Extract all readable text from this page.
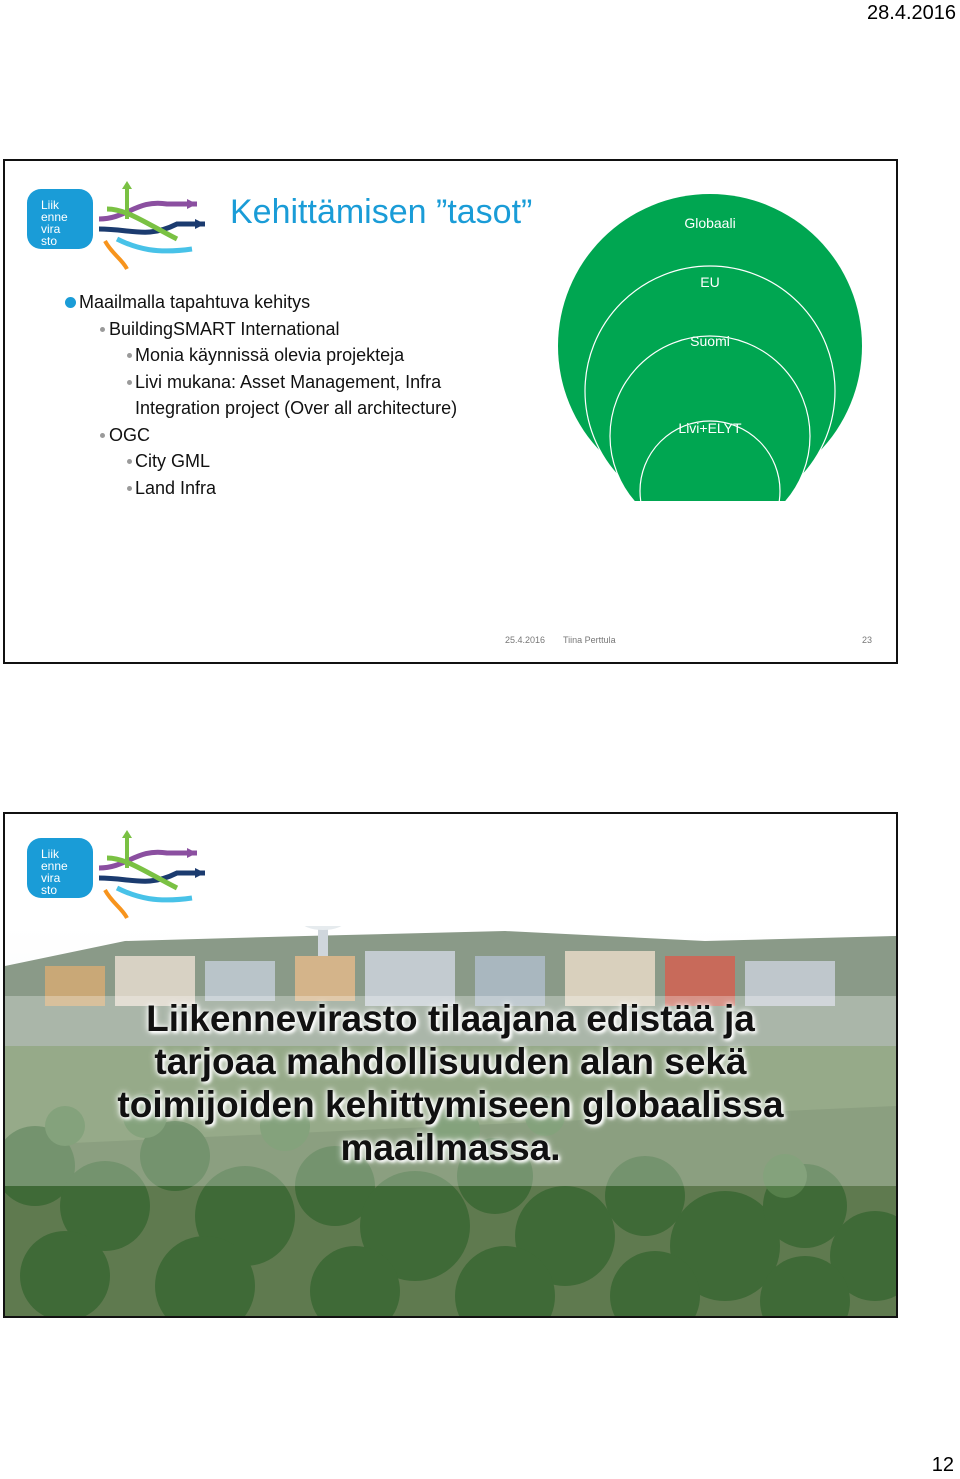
28.4.2016
Liik
enne
vira
sto
Kehittämisen ”tasot”
Maailmalla tapahtuva kehitys
BuildingSMART International
Monia käynnissä olevia projekteja
Livi mukana: Asset Management, Infra
Integration project (Over all architecture)
OGC
City GML
Land Infra
Globaali
EU
Suomi
Livi+ELYT
25.4.2016 Tiina Perttula	23
Liik
enne
vira
sto
Liikennevirasto tilaajana edistää ja
tarjoaa mahdollisuuden alan sekä
toimijoiden kehittymiseen globaalissa
maailmassa.
12
